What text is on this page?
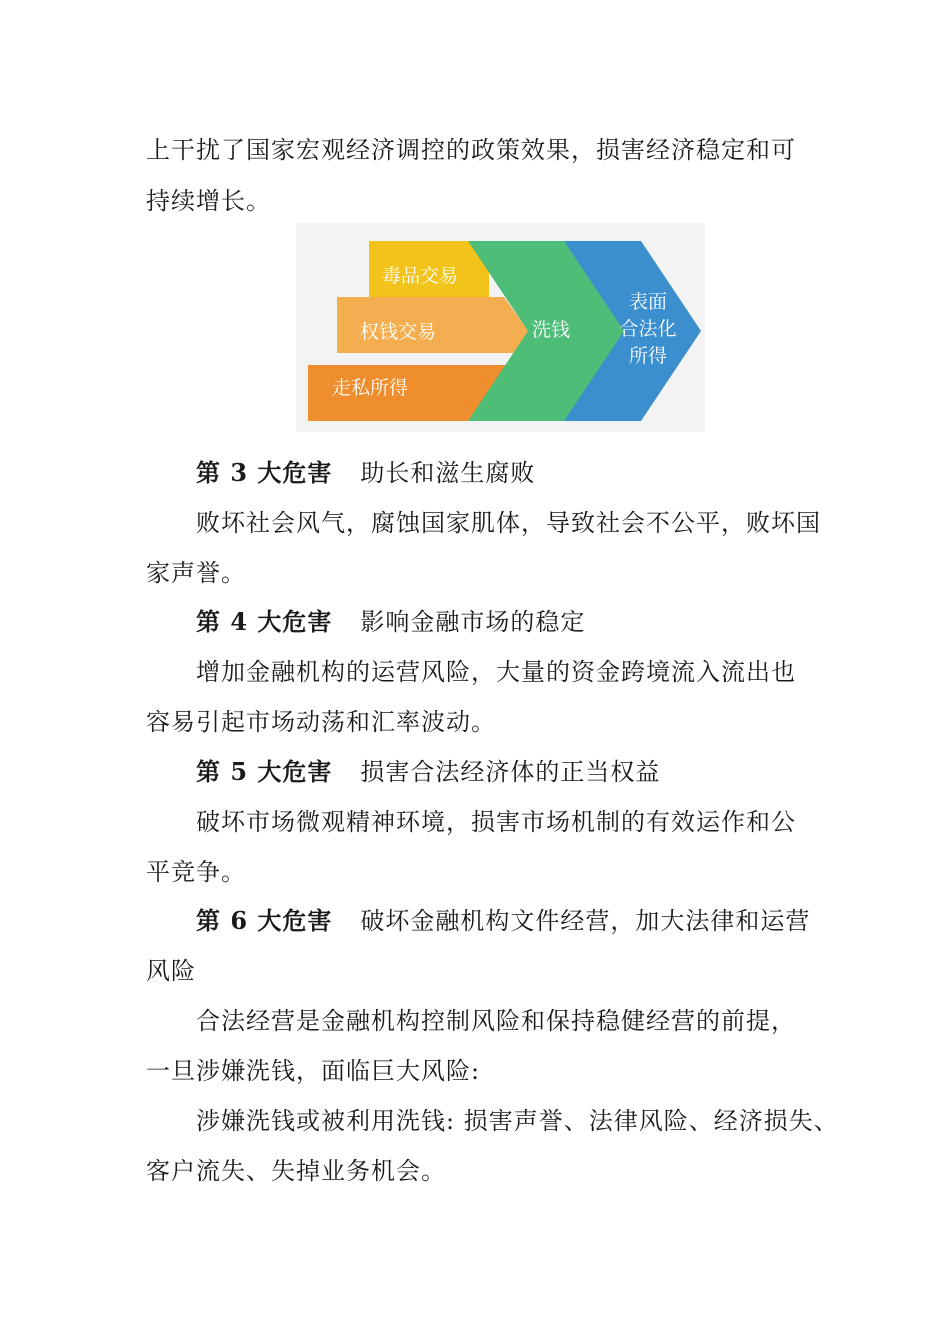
上干扰了国家宏观经济调控的政策效果，损害经济稳定和可
持续增长。
毒品交易
权钱交易
走私所得
洗钱
表面
合法化
所得
第 3 大危害 助长和滋生腐败
败坏社会风气，腐蚀国家肌体，导致社会不公平，败坏国
家声誉。
第 4 大危害 影响金融市场的稳定
增加金融机构的运营风险，大量的资金跨境流入流出也
容易引起市场动荡和汇率波动。
第 5 大危害 损害合法经济体的正当权益
破坏市场微观精神环境，损害市场机制的有效运作和公
平竞争。
第 6 大危害 破坏金融机构文件经营，加大法律和运营
风险
合法经营是金融机构控制风险和保持稳健经营的前提，
一旦涉嫌洗钱，面临巨大风险:
涉嫌洗钱或被利用洗钱: 损害声誉、法律风险、经济损失、
客户流失、失掉业务机会。
